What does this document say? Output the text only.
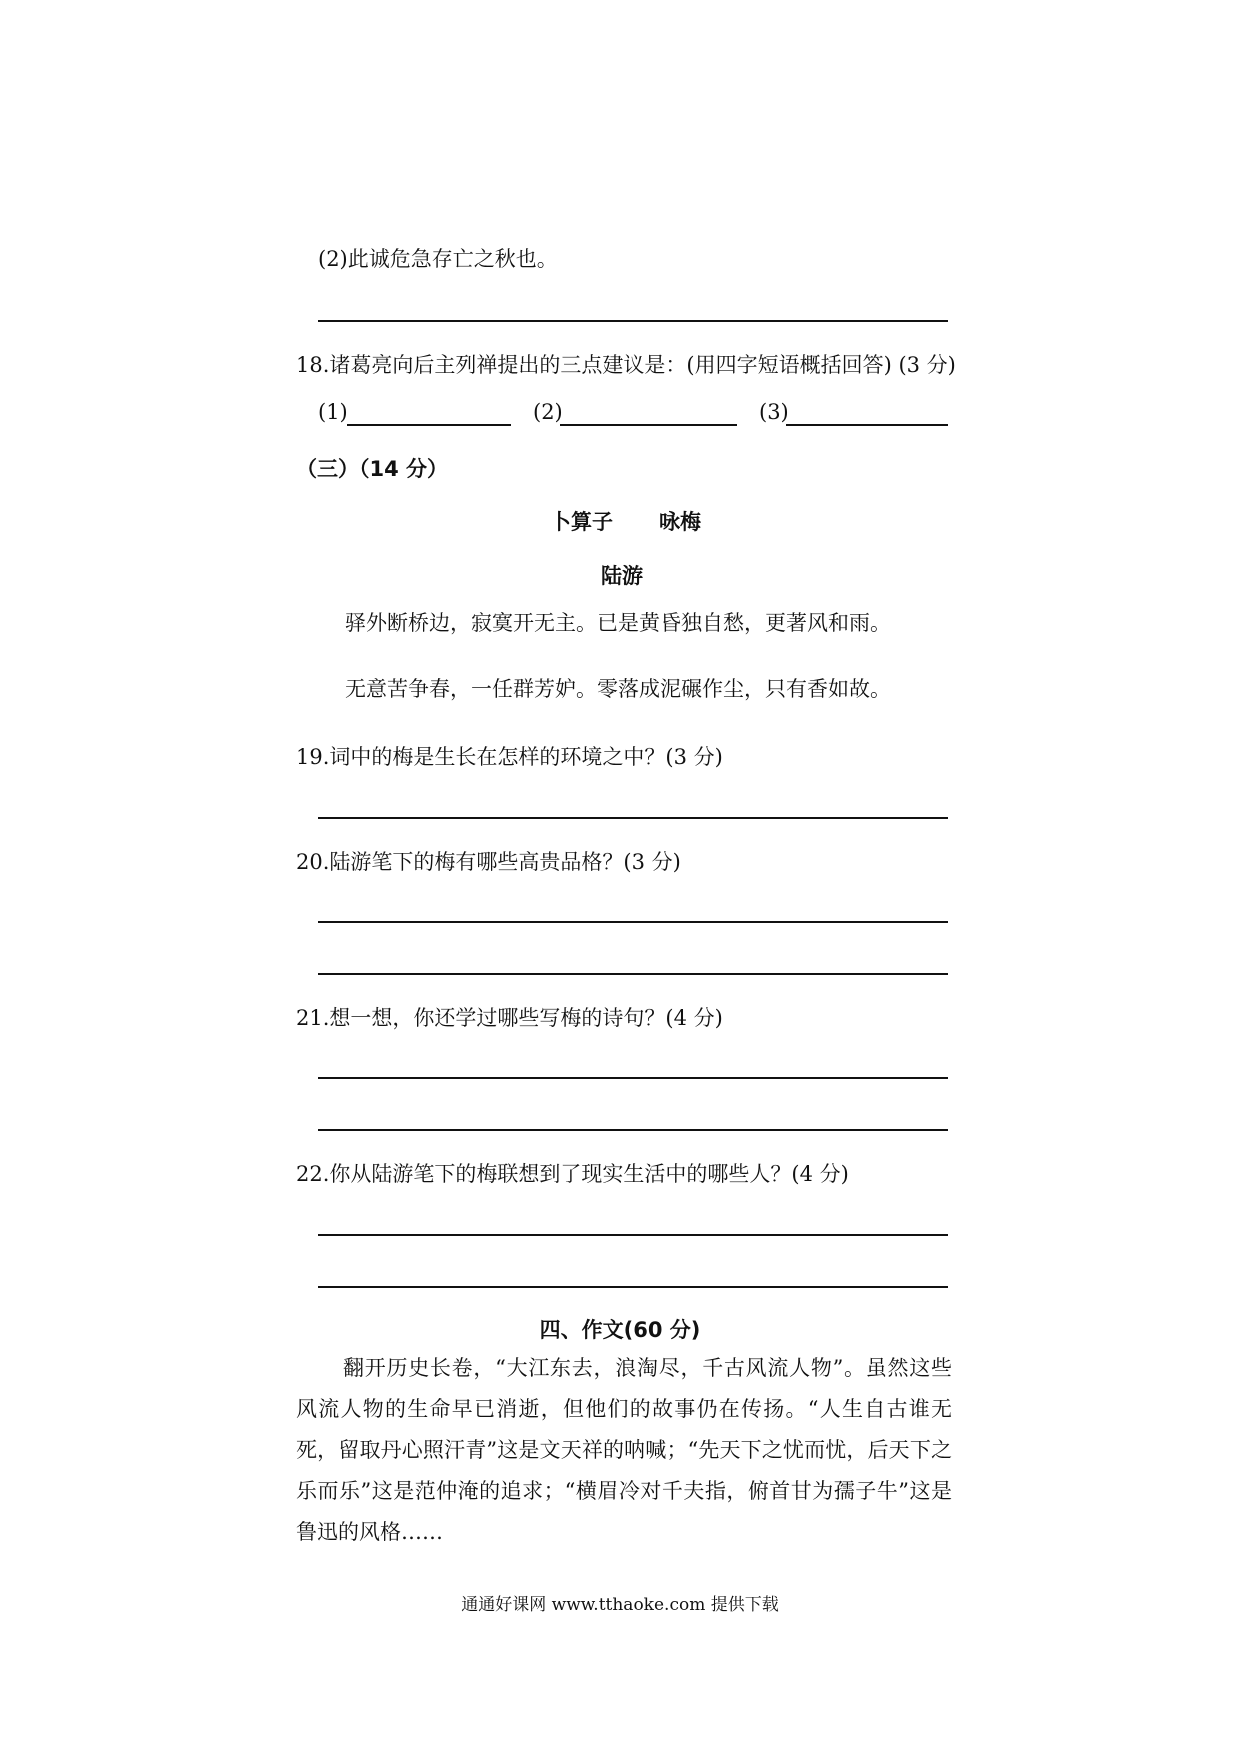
(2)此诚危急存亡之秋也。
18.诸葛亮向后主列禅提出的三点建议是：(用四字短语概括回答) (3 分)
(1)	(2)	(3)
（三）（14 分）
卜算子 咏梅
陆游
驿外断桥边，寂寞开无主。已是黄昏独自愁，更著风和雨。
无意苦争春，一任群芳妒。零落成泥碾作尘，只有香如故。
19.词中的梅是生长在怎样的环境之中？(3 分)
20.陆游笔下的梅有哪些高贵品格？(3 分)
21.想一想，你还学过哪些写梅的诗句？(4 分)
22.你从陆游笔下的梅联想到了现实生活中的哪些人？(4 分)
四、作文(60 分)

翻开历史长卷，“大江东去，浪淘尽，千古风流人物”。虽然这些风流人物的生命早已消逝，但他们的故事仍在传扬。“人生自古谁无死，留取丹心照汗青”这是文天祥的呐喊；“先天下之忧而忧，后天下之乐而乐”这是范仲淹的追求；“横眉冷对千夫指，俯首甘为孺子牛”这是鲁迅的风格……

通通好课网 www.tthaoke.com 提供下载
